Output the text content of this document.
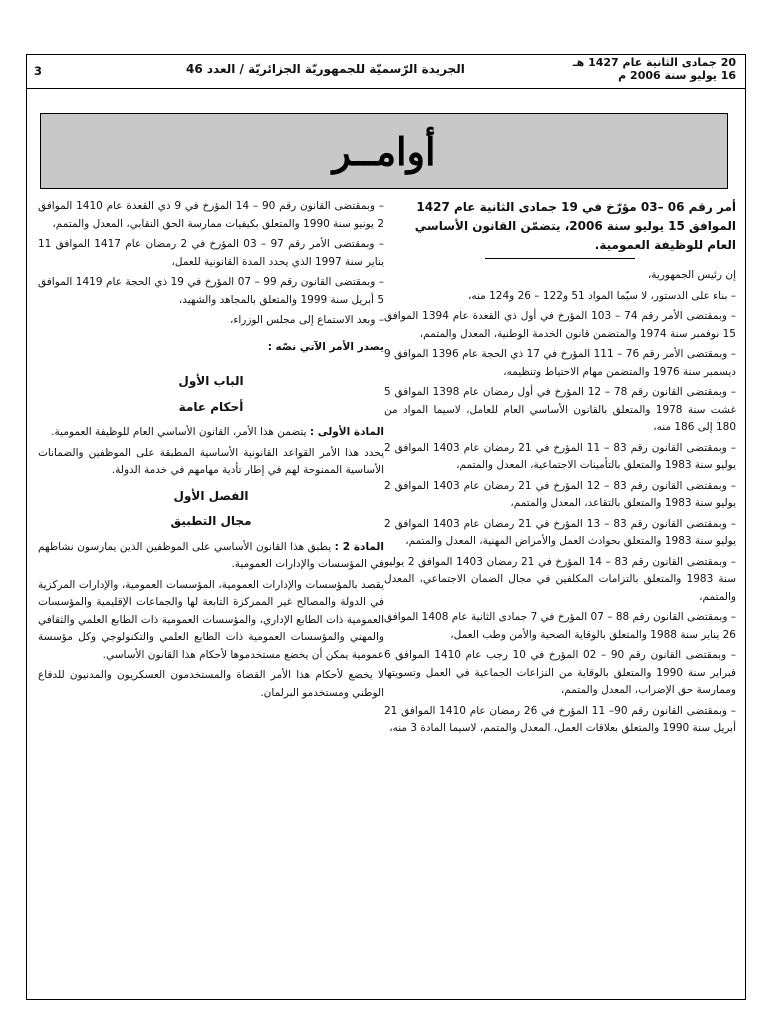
3	الجريدة الرّسميّة للجمهوريّة الجزائريّة / العدد 46	20 جمادى الثانية عام 1427 هـ
16 يوليو سنة 2006 م
أوامــر

أمر رقم 06 –03 مؤرّخ في 19 جمادى الثانية عام 1427 الموافق 15 يوليو سنة 2006، يتضمّن القانون الأساسي العام للوظيفة العمومية.

إن رئيس الجمهورية،

– بناء على الدستور، لا سيّما المواد 51 و122 – 26 و124 منه،

– وبمقتضى الأمر رقم 74 – 103 المؤرخ في أول ذي القعدة عام 1394 الموافق 15 نوفمبر سنة 1974 والمتضمن قانون الخدمة الوطنية، المعدل والمتمم،

– وبمقتضى الأمر رقم 76 – 111 المؤرخ في 17 ذي الحجة عام 1396 الموافق 9 ديسمبر سنة 1976 والمتضمن مهام الاحتياط وتنظيمه،

– وبمقتضى القانون رقم 78 – 12 المؤرخ في أول رمضان عام 1398 الموافق 5 غشت سنة 1978 والمتعلق بالقانون الأساسي العام للعامل، لاسيما المواد من 180 إلى 186 منه،

– وبمقتضى القانون رقم 83 – 11 المؤرخ في 21 رمضان عام 1403 الموافق 2 يوليو سنة 1983 والمتعلق بالتأمينات الاجتماعية، المعدل والمتمم،

– وبمقتضى القانون رقم 83 – 12 المؤرخ في 21 رمضان عام 1403 الموافق 2 يوليو سنة 1983 والمتعلق بالتقاعد، المعدل والمتمم،

– وبمقتضى القانون رقم 83 – 13 المؤرخ في 21 رمضان عام 1403 الموافق 2 يوليو سنة 1983 والمتعلق بحوادث العمل والأمراض المهنية، المعدل والمتمم،

– وبمقتضى القانون رقم 83 – 14 المؤرخ في 21 رمضان 1403 الموافق 2 يوليو سنة 1983 والمتعلق بالتزامات المكلفين في مجال الضمان الاجتماعي، المعدل والمتمم،

– وبمقتضى القانون رقم 88 – 07 المؤرخ في 7 جمادى الثانية عام 1408 الموافق 26 يناير سنة 1988 والمتعلق بالوقاية الصحية والأمن وطب العمل،

– وبمقتضى القانون رقم 90 – 02 المؤرخ في 10 رجب عام 1410 الموافق 6 فبراير سنة 1990 والمتعلق بالوقاية من النزاعات الجماعية في العمل وتسويتها وممارسة حق الإضراب، المعدل والمتمم،

– وبمقتضى القانون رقم 90– 11 المؤرخ في 26 رمضان عام 1410 الموافق 21 أبريل سنة 1990 والمتعلق بعلاقات العمل، المعدل والمتمم، لاسيما المادة 3 منه،

– وبمقتضى القانون رقم 90 – 14 المؤرخ في 9 ذي القعدة عام 1410 الموافق 2 يونيو سنة 1990 والمتعلق بكيفيات ممارسة الحق النقابي، المعدل والمتمم،

– وبمقتضى الأمر رقم 97 – 03 المؤرخ في 2 رمضان عام 1417 الموافق 11 يناير سنة 1997 الذي يحدد المدة القانونية للعمل،

– وبمقتضى القانون رقم 99 – 07 المؤرخ في 19 ذي الحجة عام 1419 الموافق 5 أبريل سنة 1999 والمتعلق بالمجاهد والشهيد،

– وبعد الاستماع إلى مجلس الوزراء،

يصدر الأمر الآتي نصّه :

الباب الأول
أحكام عامة

المادة الأولى : يتضمن هذا الأمر، القانون الأساسي العام للوظيفة العمومية.

يحدد هذا الأمر القواعد القانونية الأساسية المطبقة على الموظفين والضمانات الأساسية الممنوحة لهم في إطار تأدية مهامهم في خدمة الدولة.

الفصل الأول
مجال التطبيق

المادة 2 : يطبق هذا القانون الأساسي على الموظفين الذين يمارسون نشاطهم في المؤسسات والإدارات العمومية.

يقصد بالمؤسسات والإدارات العمومية، المؤسسات العمومية، والإدارات المركزية في الدولة والمصالح غير الممركزة التابعة لها والجماعات الإقليمية والمؤسسات العمومية ذات الطابع الإداري، والمؤسسات العمومية ذات الطابع العلمي والثقافي والمهني والمؤسسات العمومية ذات الطابع العلمي والتكنولوجي وكل مؤسسة عمومية يمكن أن يخضع مستخدموها لأحكام هذا القانون الأساسي.

لا يخضع لأحكام هذا الأمر القضاة والمستخدمون العسكريون والمدنيون للدفاع الوطني ومستخدمو البرلمان.
